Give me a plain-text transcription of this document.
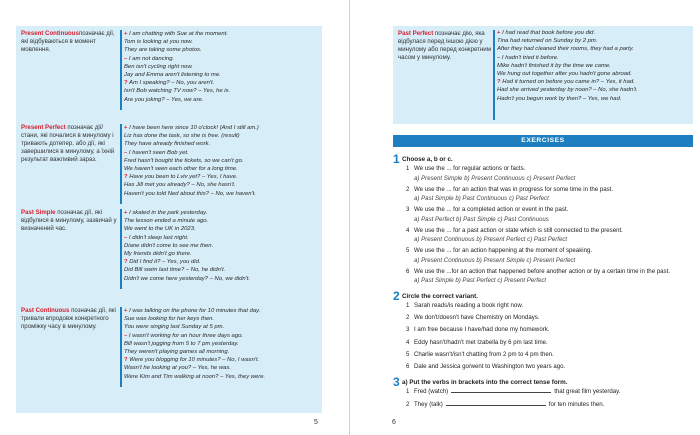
Present Continuousпозначає дії, які відбуваються в момент мовлення.
+ I am chatting with Sue at the moment.
Tom is looking at you now.
They are taking some photos.
– I am not dancing.
Ben isn't cycling right now.
Jay and Emma aren't listening to me.
? Am I speaking? – No, you aren't.
Isn't Bob watching TV now? – Yes, he is.
Are you joking? – Yes, we are.
Present Perfect позначає дії/стани, які почалися в минулому і тривають дотепер, або дії, які завершилися в минулому, а їхній результат важливий зараз.
+ I have been here since 10 o'clock! (And I still am.)
Liz has done the task, so she is free. (result)
They have already finished work.
– I haven't seen Bob yet.
Fred hasn't bought the tickets, so we can't go.
We haven't seen each other for a long time.
? Have you been to Lviv yet? – Yes, I have.
Has Jill met you already? – No, she hasn't.
Haven't you told Ned about this? – No, we haven't.
Past Simple позначає дії, які відбулися в минулому, зазвичай у визначений час.
+ I skated in the park yesterday.
The lesson ended a minute ago.
We went to the UK in 2023.
– I didn't sleep last night.
Diane didn't come to see me then.
My friends didn't go there.
? Did I find it? – Yes, you did.
Did Bill swim last time? – No, he didn't.
Didn't we come here yesterday? – No, we didn't.
Past Continuous позначає дії, які тривали впродовж конкретного проміжку часу в минулому.
+ I was talking on the phone for 10 minutes that day.
Sue was looking for her keys then.
You were singing last Sunday at 5 pm.
– I wasn't working for an hour three days ago.
Bill wasn't jogging from 5 to 7 pm yesterday.
They weren't playing games all morning.
? Were you blogging for 10 minutes? – No, I wasn't.
Wasn't he looking at you? – Yes, he was.
Were Kim and Tim walking at noon? – Yes, they were.
5	6
Past Perfect позначає дію, яка відбулася перед іншою дією у минулому або перед конкретним часом у минулому.
+ I had read that book before you did.
Tina had returned on Sunday by 2 pm.
After they had cleaned their rooms, they had a party.
– I hadn't tried it before.
Mike hadn't finished it by the time we came.
We hung out together after you hadn't gone abroad.
? Had it turned on before you came in? – Yes, it had.
Had she arrived yesterday by noon? – No, she hadn't.
Hadn't you begun work by then? – Yes, we had.
EXERCISES
1 Choose a, b or c.
1 We use the ... for regular actions or facts.
a) Present Simple b) Present Continuous c) Present Perfect
2 We use the ... for an action that was in progress for some time in the past.
a) Past Simple b) Past Continuous c) Past Perfect
3 We use the ... for a completed action or event in the past.
a) Past Perfect b) Past Simple c) Past Continuous
4 We use the ... for a past action or state which is still connected to the present.
a) Present Continuous b) Present Perfect c) Past Perfect
5 We use the ... for an action happening at the moment of speaking.
a) Present Continuous b) Present Simple c) Present Perfect
6 We use the ...for an action that happened before another action or by a certain time in the past.
a) Past Simple b) Past Perfect c) Present Perfect
2 Circle the correct variant.
1 Sarah reads/is reading a book right now.
2 We don't/doesn't have Chemistry on Mondays.
3 I am free because I have/had done my homework.
4 Eddy hasn't/hadn't met Izabella by 6 pm last time.
5 Charlie wasn't/isn't chatting from 2 pm to 4 pm then.
6 Dale and Jessica go/went to Washington two years ago.
3 a) Put the verbs in brackets into the correct tense form.
1 Fred (watch)	that great film yesterday.
2 They (talk)	for ten minutes then.
